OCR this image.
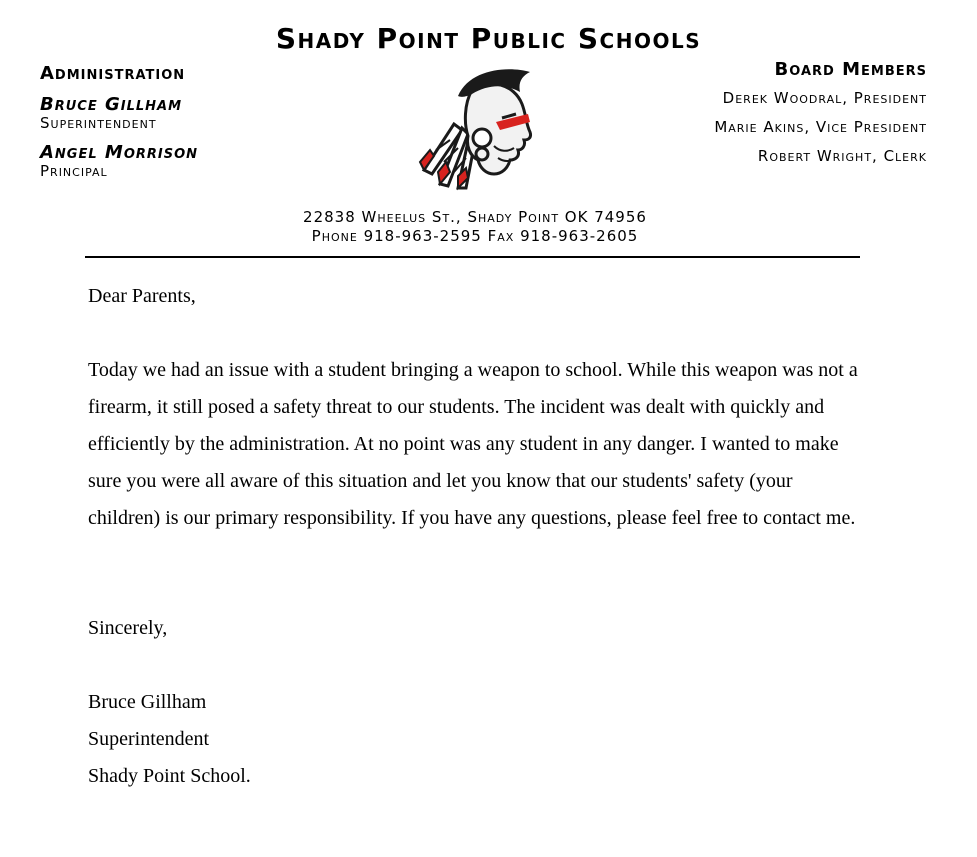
Shady Point Public Schools
Administration
Bruce Gillham
Superintendent
Angel Morrison
Principal
Board Members
Derek Woodral, President
Marie Akins, Vice President
Robert Wright, Clerk
22838 Wheelus St., Shady Point OK 74956
Phone 918-963-2595 Fax 918-963-2605
Dear Parents,
Today we had an issue with a student bringing a weapon to school. While this weapon was not a firearm, it still posed a safety threat to our students. The incident was dealt with quickly and efficiently by the administration. At no point was any student in any danger. I wanted to make sure you were all aware of this situation and let you know that our students' safety (your children) is our primary responsibility. If you have any questions, please feel free to contact me.
Sincerely,
Bruce Gillham
Superintendent
Shady Point School.
